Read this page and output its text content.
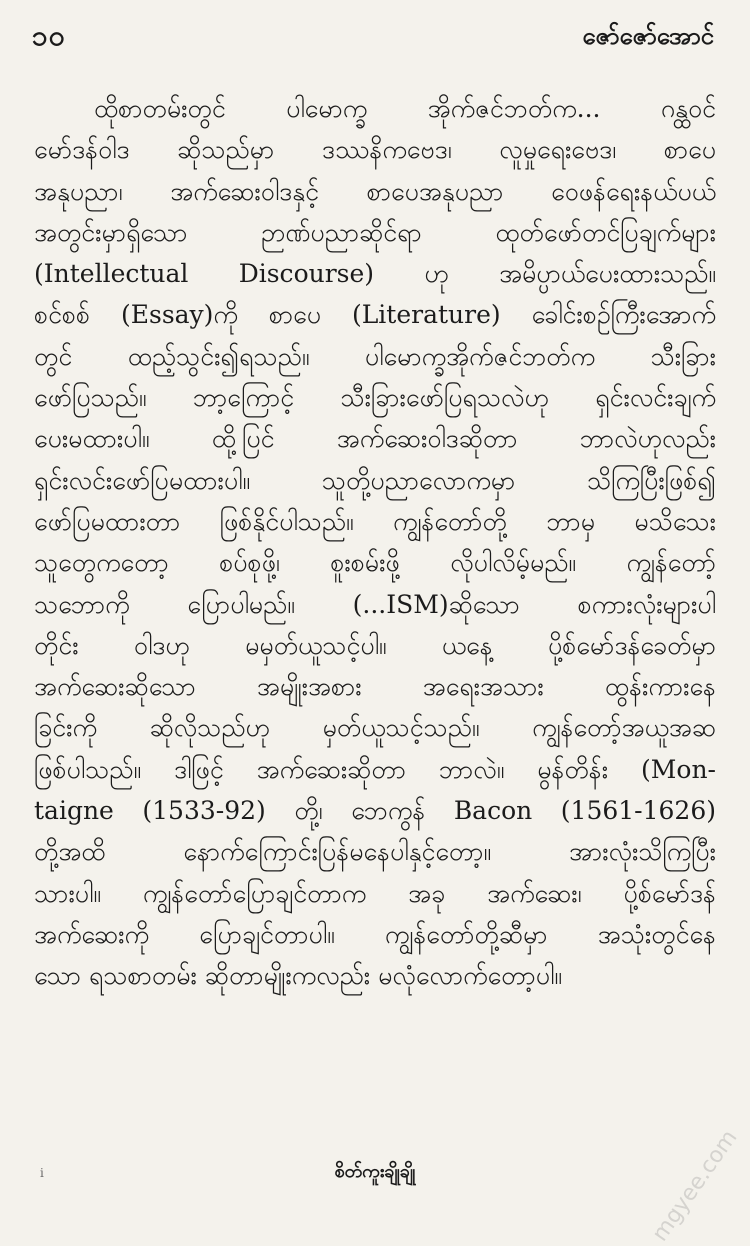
၁၀	ဇော်ဇော်အောင်
ထိုစာတမ်းတွင် ပါမောက္ခ အိုက်ဇင်ဘတ်က... ဂန္ထဝင်
မော်ဒန်ဝါဒ ဆိုသည်မှာ ဒဿနိကဗေဒ၊ လူမှုရေးဗေဒ၊ စာပေ
အနုပညာ၊ အက်ဆေးဝါဒနှင့် စာပေအနုပညာ ဝေဖန်ရေးနယ်ပယ်
အတွင်းမှာရှိသော ဉာဏ်ပညာဆိုင်ရာ ထုတ်ဖော်တင်ပြချက်များ
(Intellectual Discourse) ဟု အမိပ္ပာယ်ပေးထားသည်။
စင်စစ် (Essay)ကို စာပေ (Literature) ခေါင်းစဉ်ကြီးအောက်
တွင် ထည့်သွင်း၍ရသည်။ ပါမောက္ခအိုက်ဇင်ဘတ်က သီးခြား
ဖော်ပြသည်။ ဘာ့ကြောင့် သီးခြားဖော်ပြရသလဲဟု ရှင်းလင်းချက်
ပေးမထားပါ။ ထို့ပြင် အက်ဆေးဝါဒဆိုတာ ဘာလဲဟုလည်း
ရှင်းလင်းဖော်ပြမထားပါ။ သူတို့ပညာလောကမှာ သိကြပြီးဖြစ်၍
ဖော်ပြမထားတာ ဖြစ်နိုင်ပါသည်။ ကျွန်တော်တို့ ဘာမှ မသိသေး
သူတွေကတော့ စပ်စုဖို့၊ စူးစမ်းဖို့ လိုပါလိမ့်မည်။ ကျွန်တော့်
သဘောကို ပြောပါမည်။ (...ISM)ဆိုသော စကားလုံးများပါ
တိုင်း ဝါဒဟု မမှတ်ယူသင့်ပါ။ ယနေ့ ပို့စ်မော်ဒန်ခေတ်မှာ
အက်ဆေးဆိုသော အမျိုးအစား အရေးအသား ထွန်းကားနေ
ခြင်းကို ဆိုလိုသည်ဟု မှတ်ယူသင့်သည်။ ကျွန်တော့်အယူအဆ
ဖြစ်ပါသည်။ ဒါဖြင့် အက်ဆေးဆိုတာ ဘာလဲ။ မွန်တိန်း (Mon-
taigne (1533-92) တို့၊ ဘေကွန် Bacon (1561-1626)
တို့အထိ နောက်ကြောင်းပြန်မနေပါနှင့်တော့။ အားလုံးသိကြပြီး
သားပါ။ ကျွန်တော်ပြောချင်တာက အခု အက်ဆေး၊ ပို့စ်မော်ဒန်
အက်ဆေးကို ပြောချင်တာပါ။ ကျွန်တော်တို့ဆီမှာ အသုံးတွင်နေ
သော ရသစာတမ်း ဆိုတာမျိုးကလည်း မလုံလောက်တော့ပါ။
i	စိတ်ကူးချိုချို	mgyee.com
